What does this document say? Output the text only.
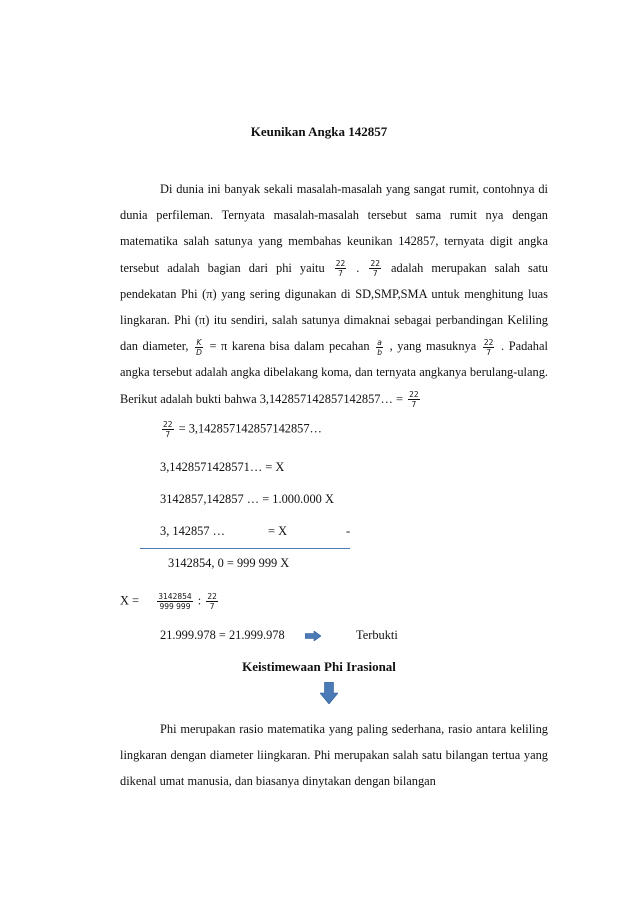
Keunikan Angka 142857

Di dunia ini banyak sekali masalah-masalah yang sangat rumit, contohnya di dunia perfileman. Ternyata masalah-masalah tersebut sama rumit nya dengan matematika salah satunya yang membahas keunikan 142857, ternyata digit angka tersebut adalah bagian dari phi yaitu $\frac{22}{7}$ . $\frac{22}{7}$ adalah merupakan salah satu pendekatan Phi (π) yang sering digunakan di SD,SMP,SMA untuk menghitung luas lingkaran. Phi (π) itu sendiri, salah satunya dimaknai sebagai perbandingan Keliling dan diameter, $\frac{K}{D} = \pi$ karena bisa dalam pecahan $\frac{a}{b}$ , yang masuknya $\frac{22}{7}$ . Padahal angka tersebut adalah angka dibelakang koma, dan ternyata angkanya berulang-ulang. Berikut adalah bukti bahwa 3,142857142857142857… = $\frac{22}{7}$

$\frac{22}{7}$ = 3,142857142857142857…
3,1428571428571… = X
3142857,142857 … = 1.000.000 X
3, 142857 …	= X	-
3142854, 0 = 999 999 X
$X = \frac{3142854}{999 999}$ : $\frac{22}{7}$
21.999.978 = 21.999.978	Terbukti
Keistimewaan Phi Irasional

Phi merupakan rasio matematika yang paling sederhana, rasio antara keliling lingkaran dengan diameter liingkaran. Phi merupakan salah satu bilangan tertua yang dikenal umat manusia, dan biasanya dinytakan dengan bilangan
